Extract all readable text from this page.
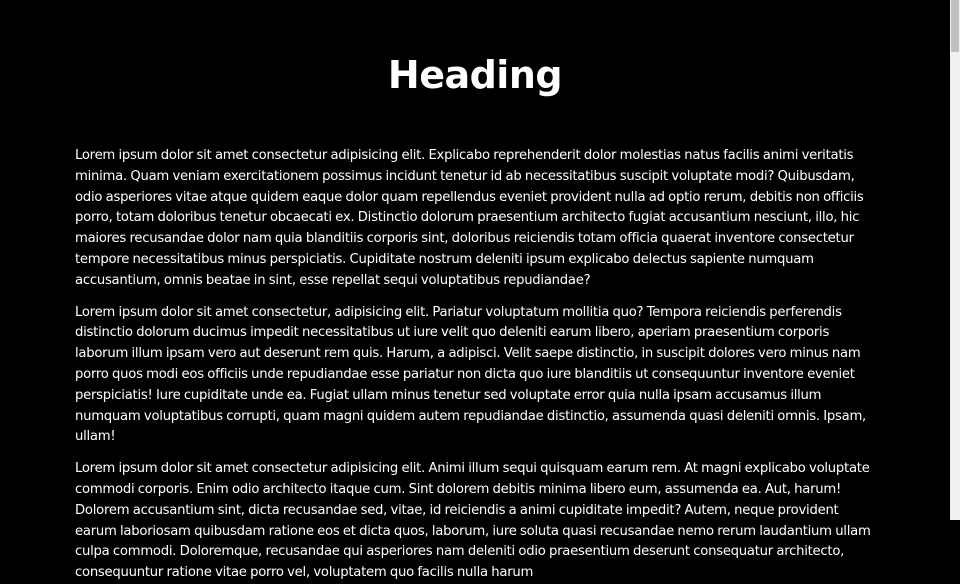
Heading

Lorem ipsum dolor sit amet consectetur adipisicing elit. Explicabo reprehenderit dolor molestias natus facilis animi veritatis minima. Quam veniam exercitationem possimus incidunt tenetur id ab necessitatibus suscipit voluptate modi? Quibusdam, odio asperiores vitae atque quidem eaque dolor quam repellendus eveniet provident nulla ad optio rerum, debitis non officiis porro, totam doloribus tenetur obcaecati ex. Distinctio dolorum praesentium architecto fugiat accusantium nesciunt, illo, hic maiores recusandae dolor nam quia blanditiis corporis sint, doloribus reiciendis totam officia quaerat inventore consectetur tempore necessitatibus minus perspiciatis. Cupiditate nostrum deleniti ipsum explicabo delectus sapiente numquam accusantium, omnis beatae in sint, esse repellat sequi voluptatibus repudiandae?

Lorem ipsum dolor sit amet consectetur, adipisicing elit. Pariatur voluptatum mollitia quo? Tempora reiciendis perferendis distinctio dolorum ducimus impedit necessitatibus ut iure velit quo deleniti earum libero, aperiam praesentium corporis laborum illum ipsam vero aut deserunt rem quis. Harum, a adipisci. Velit saepe distinctio, in suscipit dolores vero minus nam porro quos modi eos officiis unde repudiandae esse pariatur non dicta quo iure blanditiis ut consequuntur inventore eveniet perspiciatis! Iure cupiditate unde ea. Fugiat ullam minus tenetur sed voluptate error quia nulla ipsam accusamus illum numquam voluptatibus corrupti, quam magni quidem autem repudiandae distinctio, assumenda quasi deleniti omnis. Ipsam, ullam!

Lorem ipsum dolor sit amet consectetur adipisicing elit. Animi illum sequi quisquam earum rem. At magni explicabo voluptate commodi corporis. Enim odio architecto itaque cum. Sint dolorem debitis minima libero eum, assumenda ea. Aut, harum! Dolorem accusantium sint, dicta recusandae sed, vitae, id reiciendis a animi cupiditate impedit? Autem, neque provident earum laboriosam quibusdam ratione eos et dicta quos, laborum, iure soluta quasi recusandae nemo rerum laudantium ullam culpa commodi. Doloremque, recusandae qui asperiores nam deleniti odio praesentium deserunt consequatur architecto, consequuntur ratione vitae porro vel, voluptatem quo facilis nulla harum
